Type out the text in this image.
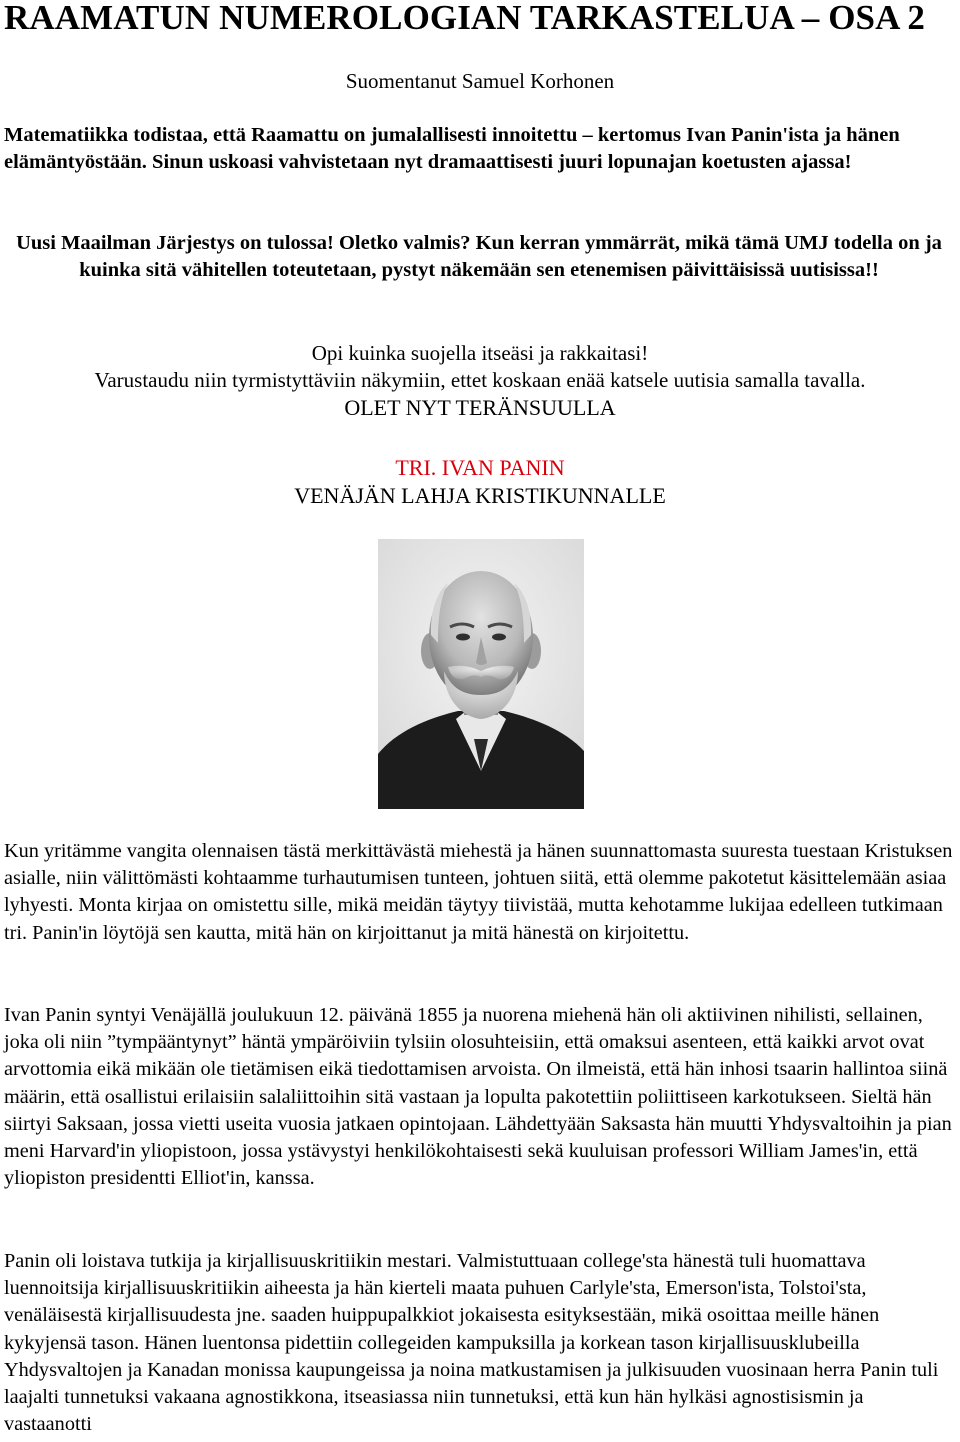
RAAMATUN NUMEROLOGIAN TARKASTELUA – OSA 2

Suomentanut Samuel Korhonen

Matematiikka todistaa, että Raamattu on jumalallisesti innoitettu – kertomus Ivan Panin'ista ja hänen elämäntyöstään. Sinun uskoasi vahvistetaan nyt dramaattisesti juuri lopunajan koetusten ajassa!

Uusi Maailman Järjestys on tulossa! Oletko valmis? Kun kerran ymmärrät, mikä tämä UMJ todella on ja kuinka sitä vähitellen toteutetaan, pystyt näkemään sen etenemisen päivittäisissä uutisissa!!

Opi kuinka suojella itseäsi ja rakkaitasi!

Varustaudu niin tyrmistyttäviin näkymiin, ettet koskaan enää katsele uutisia samalla tavalla.

OLET NYT TERÄNSUULLA

TRI. IVAN PANIN

VENÄJÄN LAHJA KRISTIKUNNALLE

Kun yritämme vangita olennaisen tästä merkittävästä miehestä ja hänen suunnattomasta suuresta tuestaan Kristuksen asialle, niin välittömästi kohtaamme turhautumisen tunteen, johtuen siitä, että olemme pakotetut käsittelemään asiaa lyhyesti. Monta kirjaa on omistettu sille, mikä meidän täytyy tiivistää, mutta kehotamme lukijaa edelleen tutkimaan tri. Panin'in löytöjä sen kautta, mitä hän on kirjoittanut ja mitä hänestä on kirjoitettu.

Ivan Panin syntyi Venäjällä joulukuun 12. päivänä 1855 ja nuorena miehenä hän oli aktiivinen nihilisti, sellainen, joka oli niin ”tympääntynyt” häntä ympäröiviin tylsiin olosuhteisiin, että omaksui asenteen, että kaikki arvot ovat arvottomia eikä mikään ole tietämisen eikä tiedottamisen arvoista. On ilmeistä, että hän inhosi tsaarin hallintoa siinä määrin, että osallistui erilaisiin salaliittoihin sitä vastaan ja lopulta pakotettiin poliittiseen karkotukseen. Sieltä hän siirtyi Saksaan, jossa vietti useita vuosia jatkaen opintojaan. Lähdettyään Saksasta hän muutti Yhdysvaltoihin ja pian meni Harvard'in yliopistoon, jossa ystävystyi henkilökohtaisesti sekä kuuluisan professori William James'in, että yliopiston presidentti Elliot'in, kanssa.

Panin oli loistava tutkija ja kirjallisuuskritiikin mestari. Valmistuttuaan college'sta hänestä tuli huomattava luennoitsija kirjallisuuskritiikin aiheesta ja hän kierteli maata puhuen Carlyle'sta, Emerson'ista, Tolstoi'sta, venäläisestä kirjallisuudesta jne. saaden huippupalkkiot jokaisesta esityksestään, mikä osoittaa meille hänen kykyjensä tason. Hänen luentonsa pidettiin collegeiden kampuksilla ja korkean tason kirjallisuusklubeilla Yhdysvaltojen ja Kanadan monissa kaupungeissa ja noina matkustamisen ja julkisuuden vuosinaan herra Panin tuli laajalti tunnetuksi vakaana agnostikkona, itseasiassa niin tunnetuksi, että kun hän hylkäsi agnostisismin ja vastaanotti
